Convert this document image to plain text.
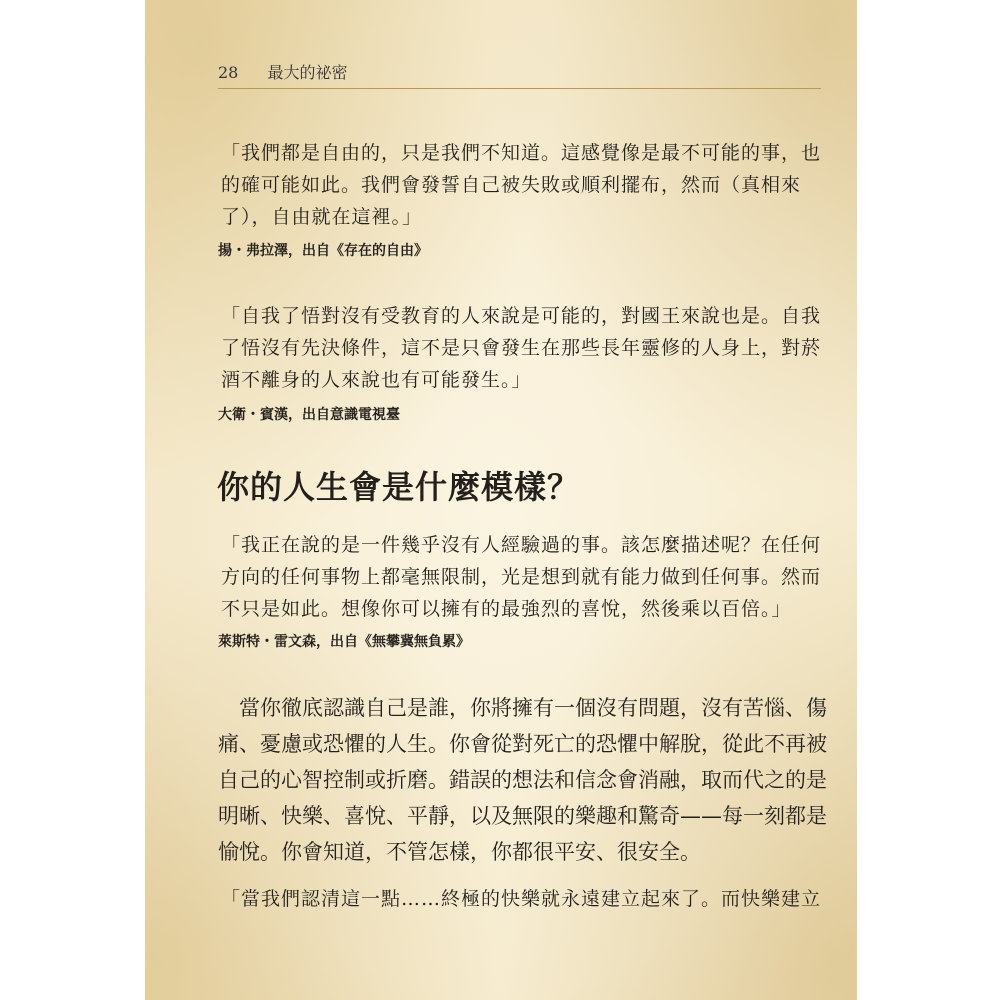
28 最大的祕密
「我們都是自由的，只是我們不知道。這感覺像是最不可能的事，也
的確可能如此。我們會發誓自己被失敗或順利擺布，然而（真相來
了），自由就在這裡。」
揚・弗拉澤，出自《存在的自由》
「自我了悟對沒有受教育的人來說是可能的，對國王來說也是。自我
了悟沒有先決條件，這不是只會發生在那些長年靈修的人身上，對菸
酒不離身的人來說也有可能發生。」
大衛・賓漢，出自意識電視臺
你的人生會是什麼模樣？
「我正在說的是一件幾乎沒有人經驗過的事。該怎麼描述呢？在任何
方向的任何事物上都毫無限制，光是想到就有能力做到任何事。然而
不只是如此。想像你可以擁有的最強烈的喜悅，然後乘以百倍。」
萊斯特・雷文森，出自《無攀冀無負累》
　當你徹底認識自己是誰，你將擁有一個沒有問題，沒有苦惱、傷
痛、憂慮或恐懼的人生。你會從對死亡的恐懼中解脫，從此不再被
自己的心智控制或折磨。錯誤的想法和信念會消融，取而代之的是
明晰、快樂、喜悅、平靜，以及無限的樂趣和驚奇——每一刻都是
愉悅。你會知道，不管怎樣，你都很平安、很安全。
「當我們認清這一點……終極的快樂就永遠建立起來了。而快樂建立
